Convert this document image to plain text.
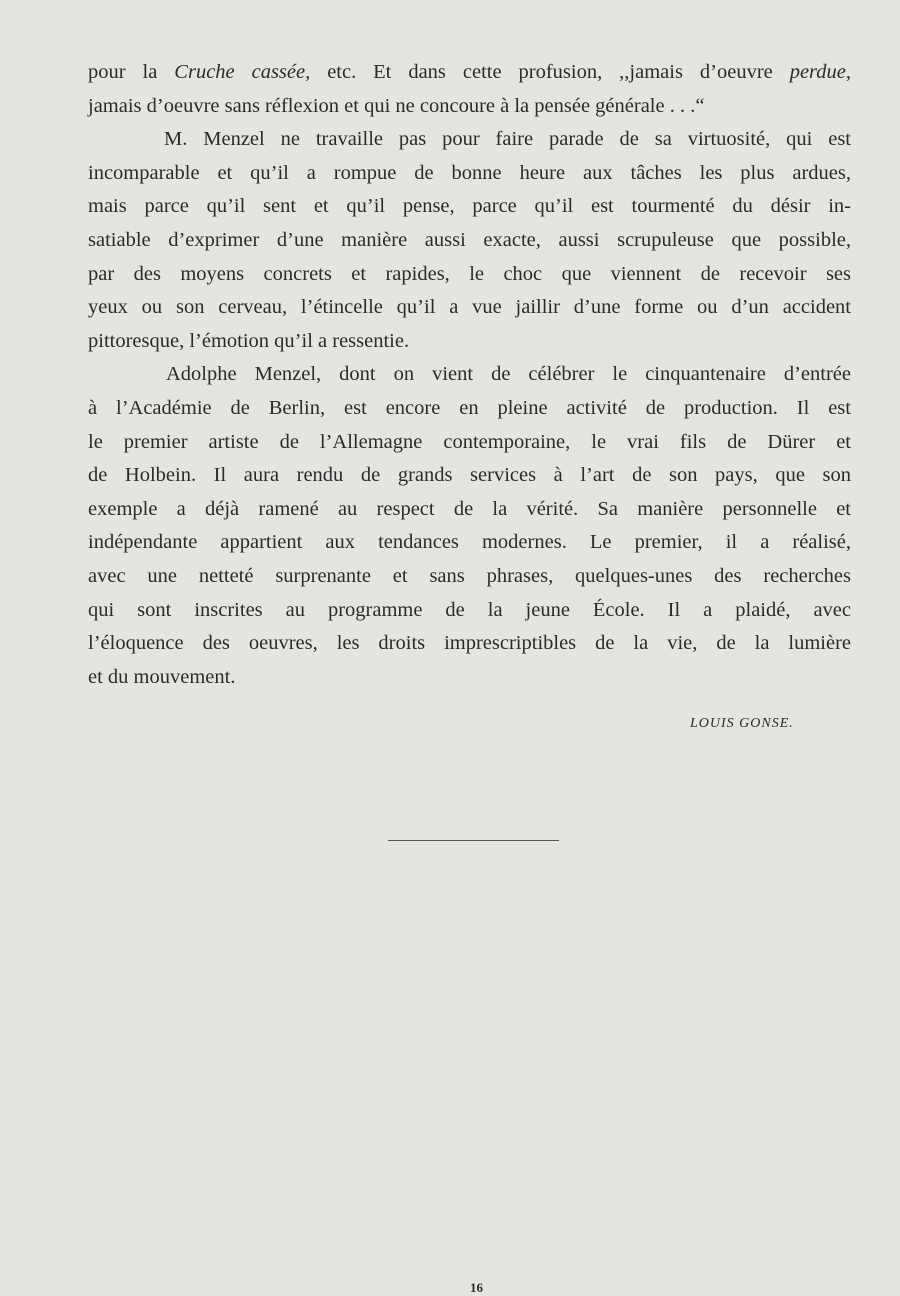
pour la Cruche cassée, etc. Et dans cette profusion, ,,jamais d’oeuvre perdue,
jamais d’oeuvre sans réflexion et qui ne concoure à la pensée générale . . .“
M. Menzel ne travaille pas pour faire parade de sa virtuosité, qui est
incomparable et qu’il a rompue de bonne heure aux tâches les plus ardues,
mais parce qu’il sent et qu’il pense, parce qu’il est tourmenté du désir in-
satiable d’exprimer d’une manière aussi exacte, aussi scrupuleuse que possible,
par des moyens concrets et rapides, le choc que viennent de recevoir ses
yeux ou son cerveau, l’étincelle qu’il a vue jaillir d’une forme ou d’un accident
pittoresque, l’émotion qu’il a ressentie.
Adolphe Menzel, dont on vient de célébrer le cinquantenaire d’entrée
à l’Académie de Berlin, est encore en pleine activité de production. Il est
le premier artiste de l’Allemagne contemporaine, le vrai fils de Dürer et
de Holbein. Il aura rendu de grands services à l’art de son pays, que son
exemple a déjà ramené au respect de la vérité. Sa manière personnelle et
indépendante appartient aux tendances modernes. Le premier, il a réalisé,
avec une netteté surprenante et sans phrases, quelques-unes des recherches
qui sont inscrites au programme de la jeune École. Il a plaidé, avec
l’éloquence des oeuvres, les droits imprescriptibles de la vie, de la lumière
et du mouvement.
LOUIS GONSE.
16
